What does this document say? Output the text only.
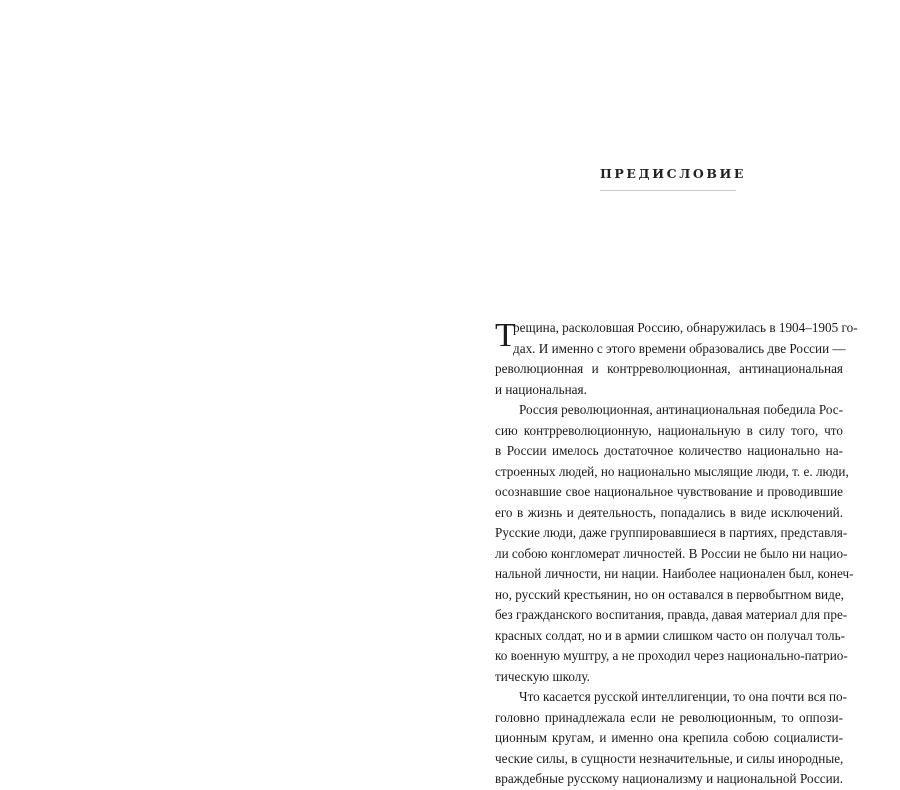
ПРЕДИСЛОВИЕ
Т
рещина, расколовшая Россию, обнаружилась в 1904–1905 го-
дах. И именно с этого времени образовались две России —
революционная и контрреволюционная, антинациональная
и национальная.
Россия революционная, антинациональная победила Рос-
сию контрреволюционную, национальную в силу того, что
в России имелось достаточное количество национально на-
строенных людей, но национально мыслящие люди, т. е. люди,
осознавшие свое национальное чувствование и проводившие
его в жизнь и деятельность, попадались в виде исключений.
Русские люди, даже группировавшиеся в партиях, представля-
ли собою конгломерат личностей. В России не было ни нацио-
нальной личности, ни нации. Наиболее национален был, конеч-
но, русский крестьянин, но он оставался в первобытном виде,
без гражданского воспитания, правда, давая материал для пре-
красных солдат, но и в армии слишком часто он получал толь-
ко военную муштру, а не проходил через национально-патрио-
тическую школу.
Что касается русской интеллигенции, то она почти вся по-
головно принадлежала если не революционным, то оппози-
ционным кругам, и именно она крепила собою социалисти-
ческие силы, в сущности незначительные, и силы инородные,
враждебные русскому национализму и национальной России.
